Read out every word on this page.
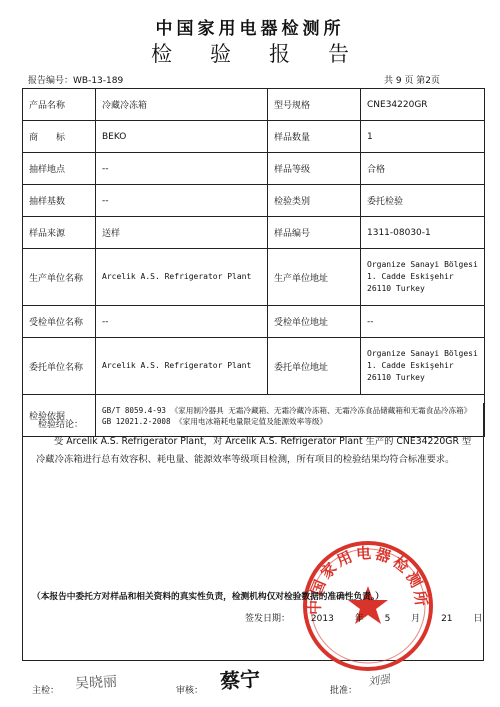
中国家用电器检测所
检验报告
报告编号：WB-13-189	共 9 页 第2页
产品名称	冷藏冷冻箱	型号规格	CNE34220GR
商　　标	BEKO	样品数量	1
抽样地点	--	样品等级	合格
抽样基数	--	检验类别	委托检验
样品来源	送样	样品编号	1311-08030-1
生产单位名称	Arcelik A.S. Refrigerator Plant	生产单位地址	Organize Sanayi Bölgesi 1. Cadde Eskişehir 26110 Turkey
受检单位名称	--	受检单位地址	--
委托单位名称	Arcelik A.S. Refrigerator Plant	委托单位地址	Organize Sanayi Bölgesi 1. Cadde Eskişehir 26110 Turkey
检验依据	GB/T 8059.4-93 《家用制冷器具 无霜冷藏箱、无霜冷藏冷冻箱、无霜冷冻食品储藏箱和无霜食品冷冻箱》
GB 12021.2-2008 《家用电冰箱耗电量限定值及能源效率等级》		
检验结论：
受 Arcelik A.S. Refrigerator Plant，对 Arcelik A.S. Refrigerator Plant 生产的 CNE34220GR 型冷藏冷冻箱进行总有效容积、耗电量、能源效率等级项目检测，所有项目的检验结果均符合标准要求。
中国家用电器检测所
（本报告中委托方对样品和相关资料的真实性负责，检测机构仅对检验数据的准确性负责。）
签发日期： 2013 年 5 月 21 日
主检： 吴晓丽	审核： 蔡宁	批准：
刘强
